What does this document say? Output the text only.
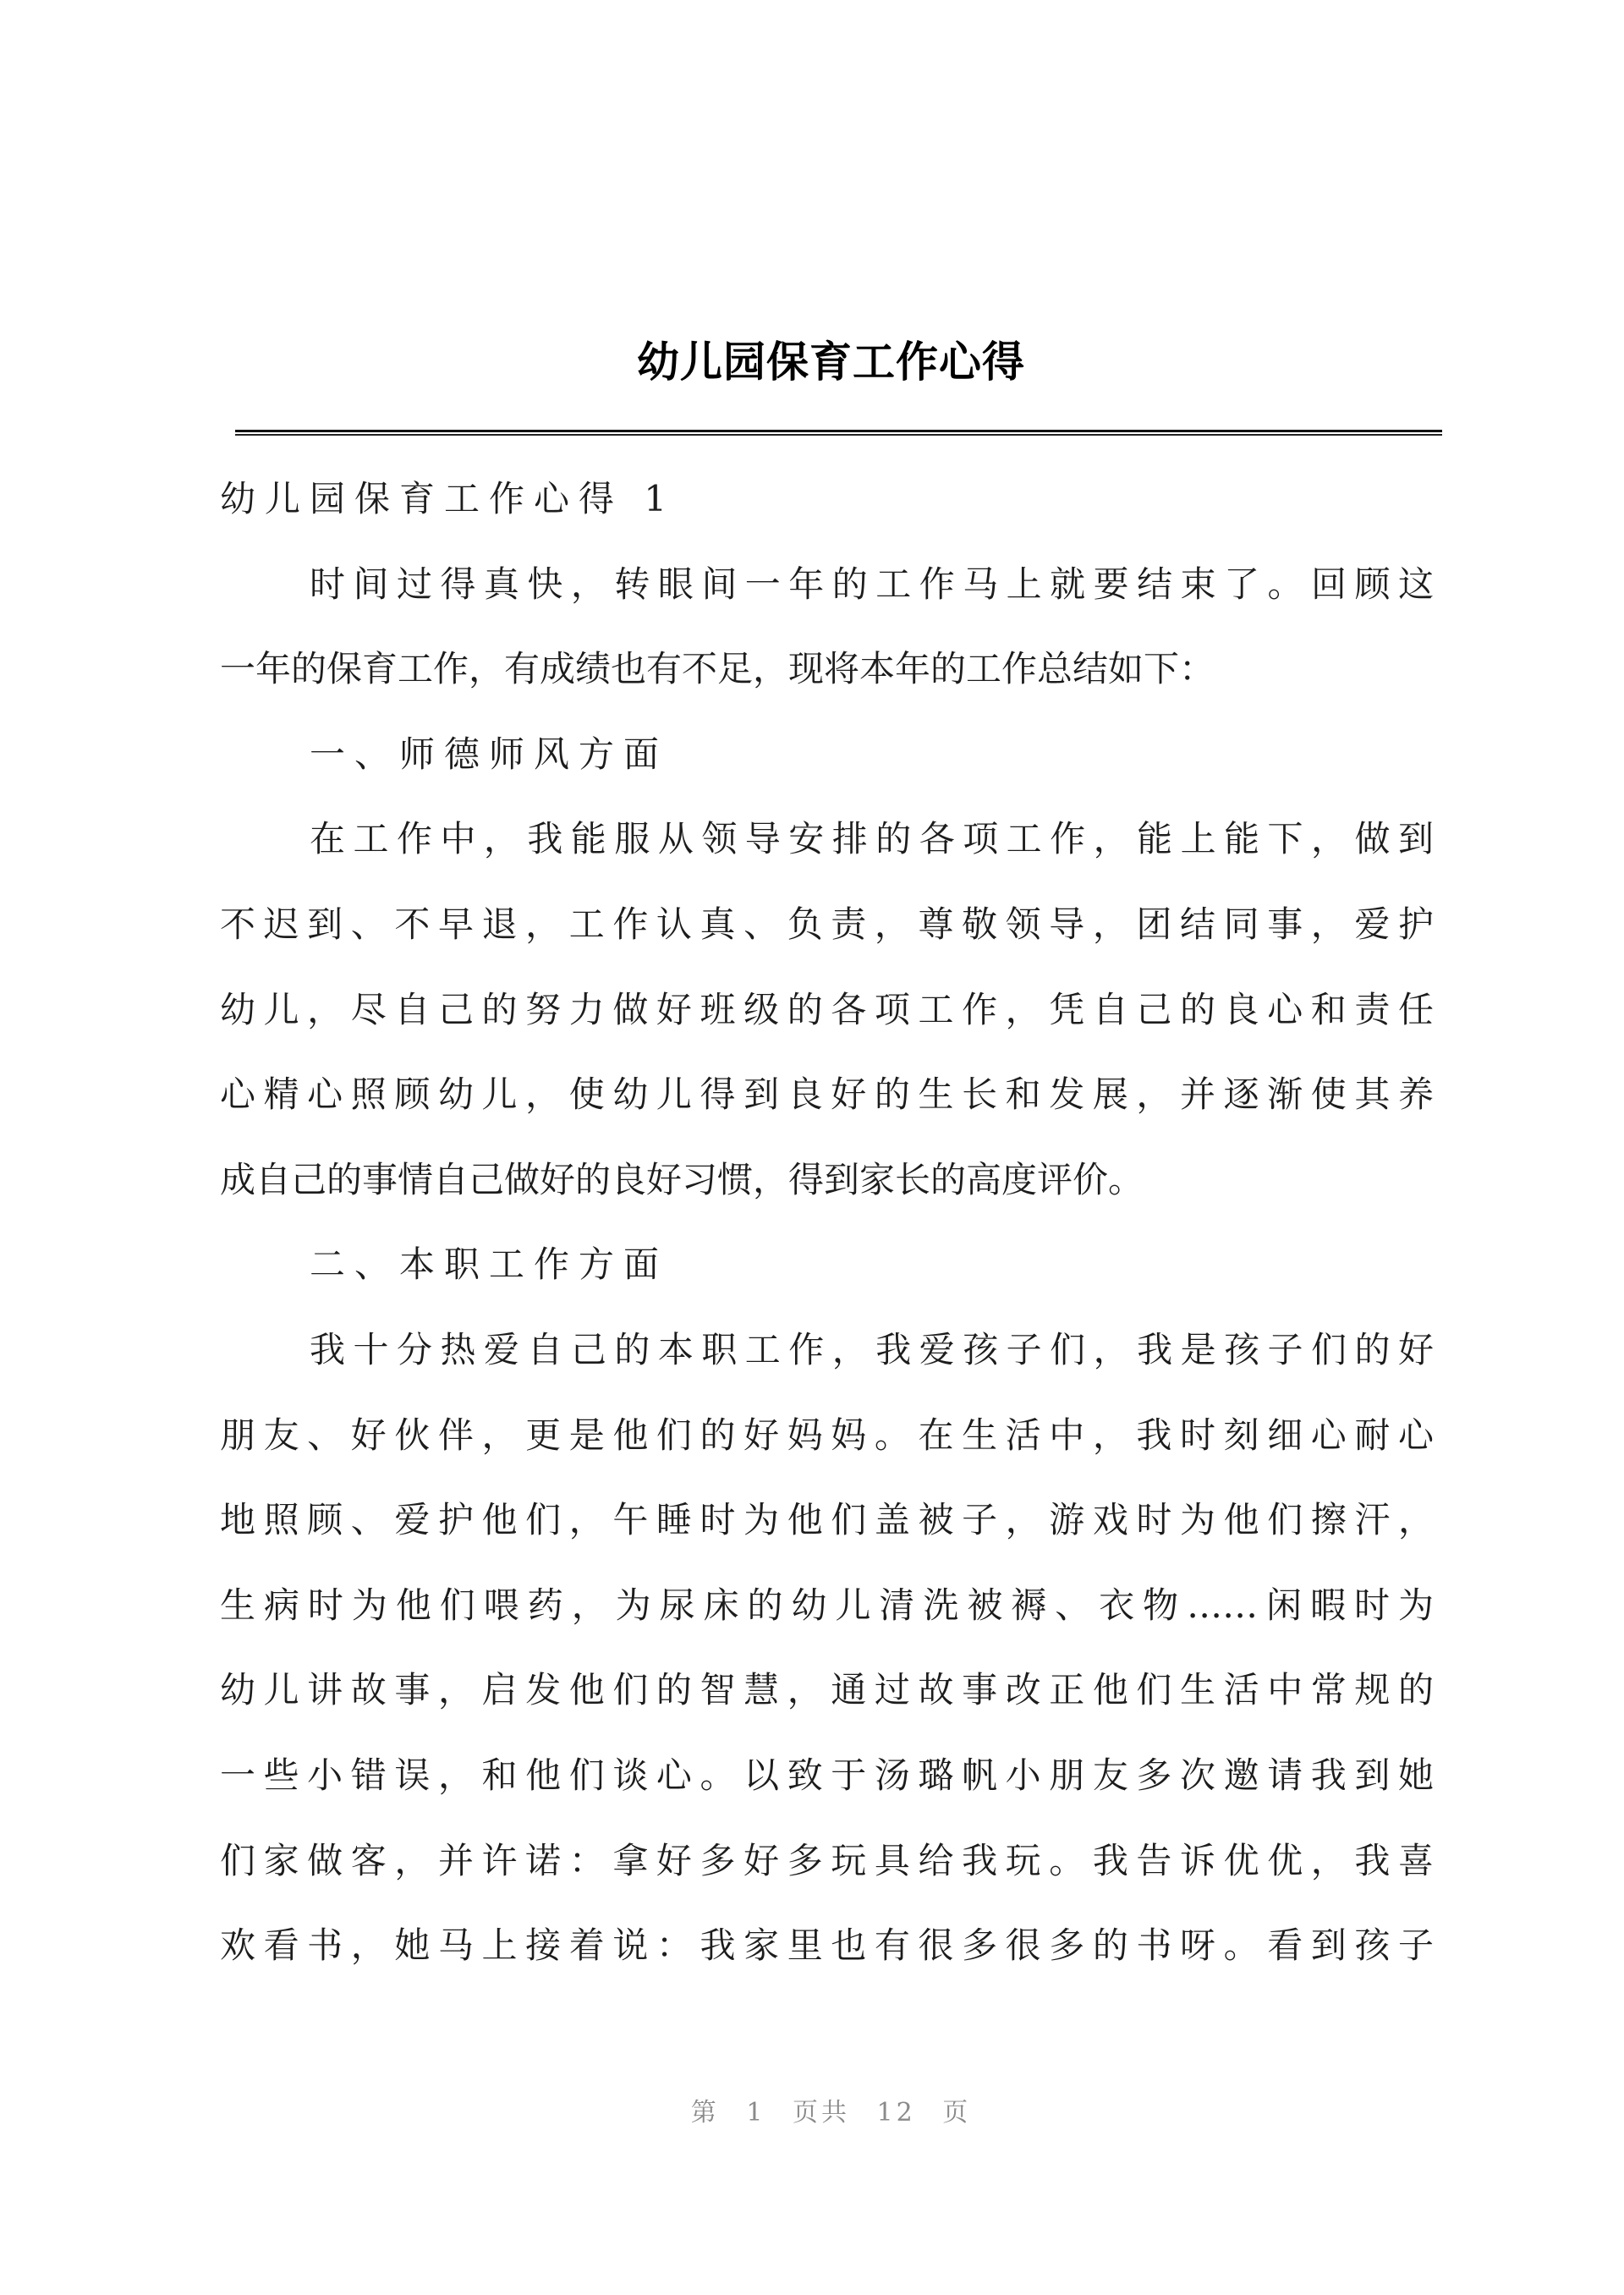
幼儿园保育工作心得
幼儿园保育工作心得 1
时间过得真快，转眼间一年的工作马上就要结束了。回顾这
一年的保育工作，有成绩也有不足，现将本年的工作总结如下：
一、师德师风方面
在工作中，我能服从领导安排的各项工作，能上能下，做到
不迟到、不早退，工作认真、负责，尊敬领导，团结同事，爱护
幼儿，尽自己的努力做好班级的各项工作，凭自己的良心和责任
心精心照顾幼儿，使幼儿得到良好的生长和发展，并逐渐使其养
成自己的事情自己做好的良好习惯，得到家长的高度评价。
二、本职工作方面
我十分热爱自己的本职工作，我爱孩子们，我是孩子们的好
朋友、好伙伴，更是他们的好妈妈。在生活中，我时刻细心耐心
地照顾、爱护他们，午睡时为他们盖被子，游戏时为他们擦汗，
生病时为他们喂药，为尿床的幼儿清洗被褥、衣物……闲暇时为
幼儿讲故事，启发他们的智慧，通过故事改正他们生活中常规的
一些小错误，和他们谈心。以致于汤璐帆小朋友多次邀请我到她
们家做客，并许诺：拿好多好多玩具给我玩。我告诉优优，我喜
欢看书，她马上接着说：我家里也有很多很多的书呀。看到孩子
第 1 页共 12 页
